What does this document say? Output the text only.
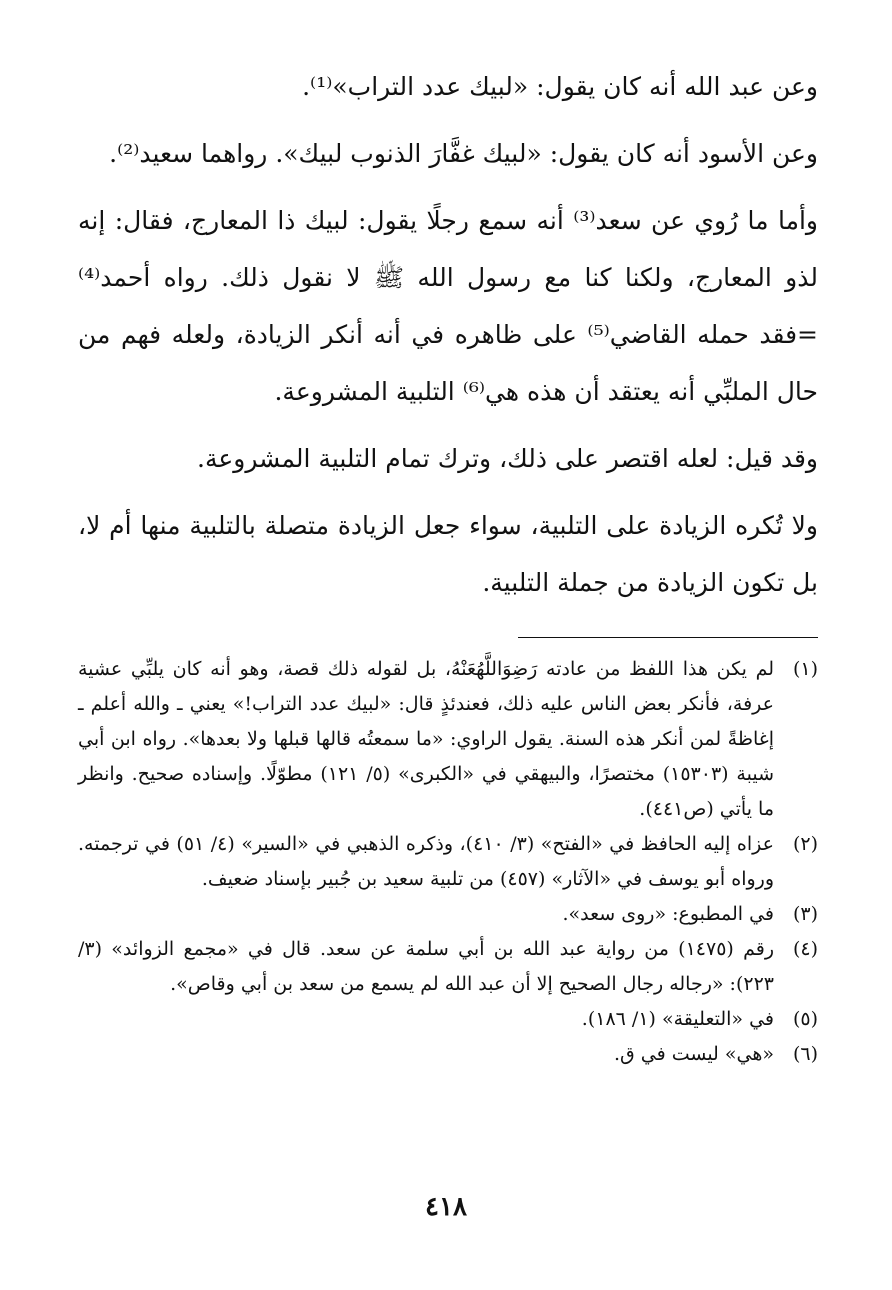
وعن عبد الله أنه كان يقول: «لبيك عدد التراب»⁽¹⁾.

وعن الأسود أنه كان يقول: «لبيك غفَّارَ الذنوب لبيك». رواهما سعيد⁽²⁾.

وأما ما رُوي عن سعد⁽³⁾ أنه سمع رجلًا يقول: لبيك ذا المعارج، فقال: إنه لذو المعارج، ولكنا كنا مع رسول الله ﷺ لا نقول ذلك. رواه أحمد⁽⁴⁾ =فقد حمله القاضي⁽⁵⁾ على ظاهره في أنه أنكر الزيادة، ولعله فهم من حال الملبِّي أنه يعتقد أن هذه هي⁽⁶⁾ التلبية المشروعة.

وقد قيل: لعله اقتصر على ذلك، وترك تمام التلبية المشروعة.

ولا تُكره الزيادة على التلبية، سواء جعل الزيادة متصلة بالتلبية منها أم لا، بل تكون الزيادة من جملة التلبية.

(١)
لم يكن هذا اللفظ من عادته رَضِوَاللَّهُعَنْهُ، بل لقوله ذلك قصة، وهو أنه كان يلبِّي عشية عرفة، فأنكر بعض الناس عليه ذلك، فعندئذٍ قال: «لبيك عدد التراب!» يعني ـ والله أعلم ـ إغاظةً لمن أنكر هذه السنة. يقول الراوي: «ما سمعتُه قالها قبلها ولا بعدها». رواه ابن أبي شيبة (١٥٣٠٣) مختصرًا، والبيهقي في «الكبرى» (٥/ ١٢١) مطوّلًا. وإسناده صحيح. وانظر ما يأتي (ص٤٤١).
(٢)
عزاه إليه الحافظ في «الفتح» (٣/ ٤١٠)، وذكره الذهبي في «السير» (٤/ ٥١) في ترجمته. ورواه أبو يوسف في «الآثار» (٤٥٧) من تلبية سعيد بن جُبير بإسناد ضعيف.
(٣)
في المطبوع: «روى سعد».
(٤)
رقم (١٤٧٥) من رواية عبد الله بن أبي سلمة عن سعد. قال في «مجمع الزوائد» (٣/ ٢٢٣): «رجاله رجال الصحيح إلا أن عبد الله لم يسمع من سعد بن أبي وقاص».
(٥)
في «التعليقة» (١/ ١٨٦).
(٦)
«هي» ليست في ق.
٤١٨
